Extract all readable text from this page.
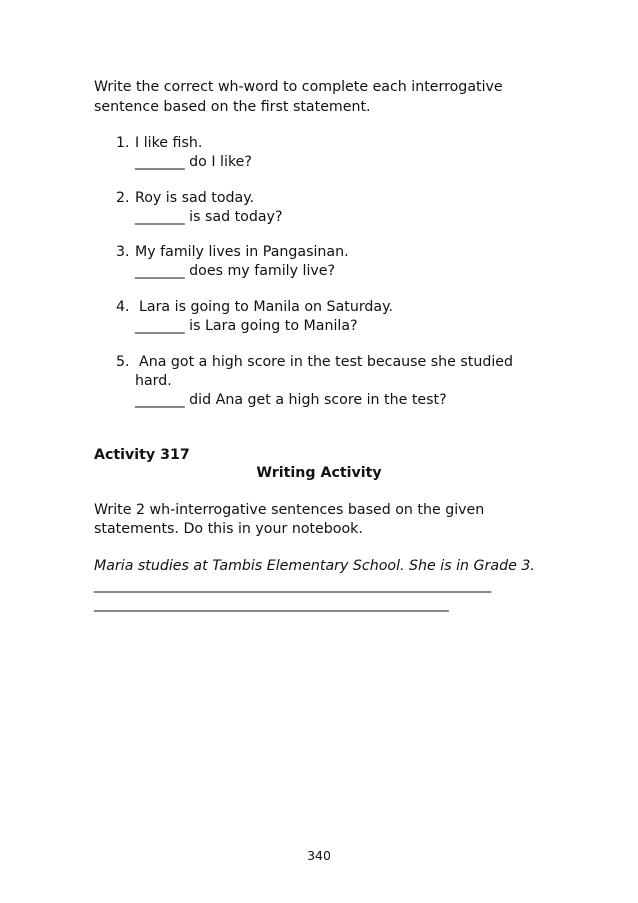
Write the correct wh-word to complete each interrogative
sentence based on the first statement.
1. I like fish.
_______ do I like?
2. Roy is sad today.
_______ is sad today?
3. My family lives in Pangasinan.
_______ does my family live?
4. Lara is going to Manila on Saturday.
_______ is Lara going to Manila?
5. Ana got a high score in the test because she studied
hard.
_______ did Ana get a high score in the test?
Activity 317
Writing Activity
Write 2 wh-interrogative sentences based on the given
statements. Do this in your notebook.
Maria studies at Tambis Elementary School. She is in Grade 3.
________________________________________________________
__________________________________________________
340
